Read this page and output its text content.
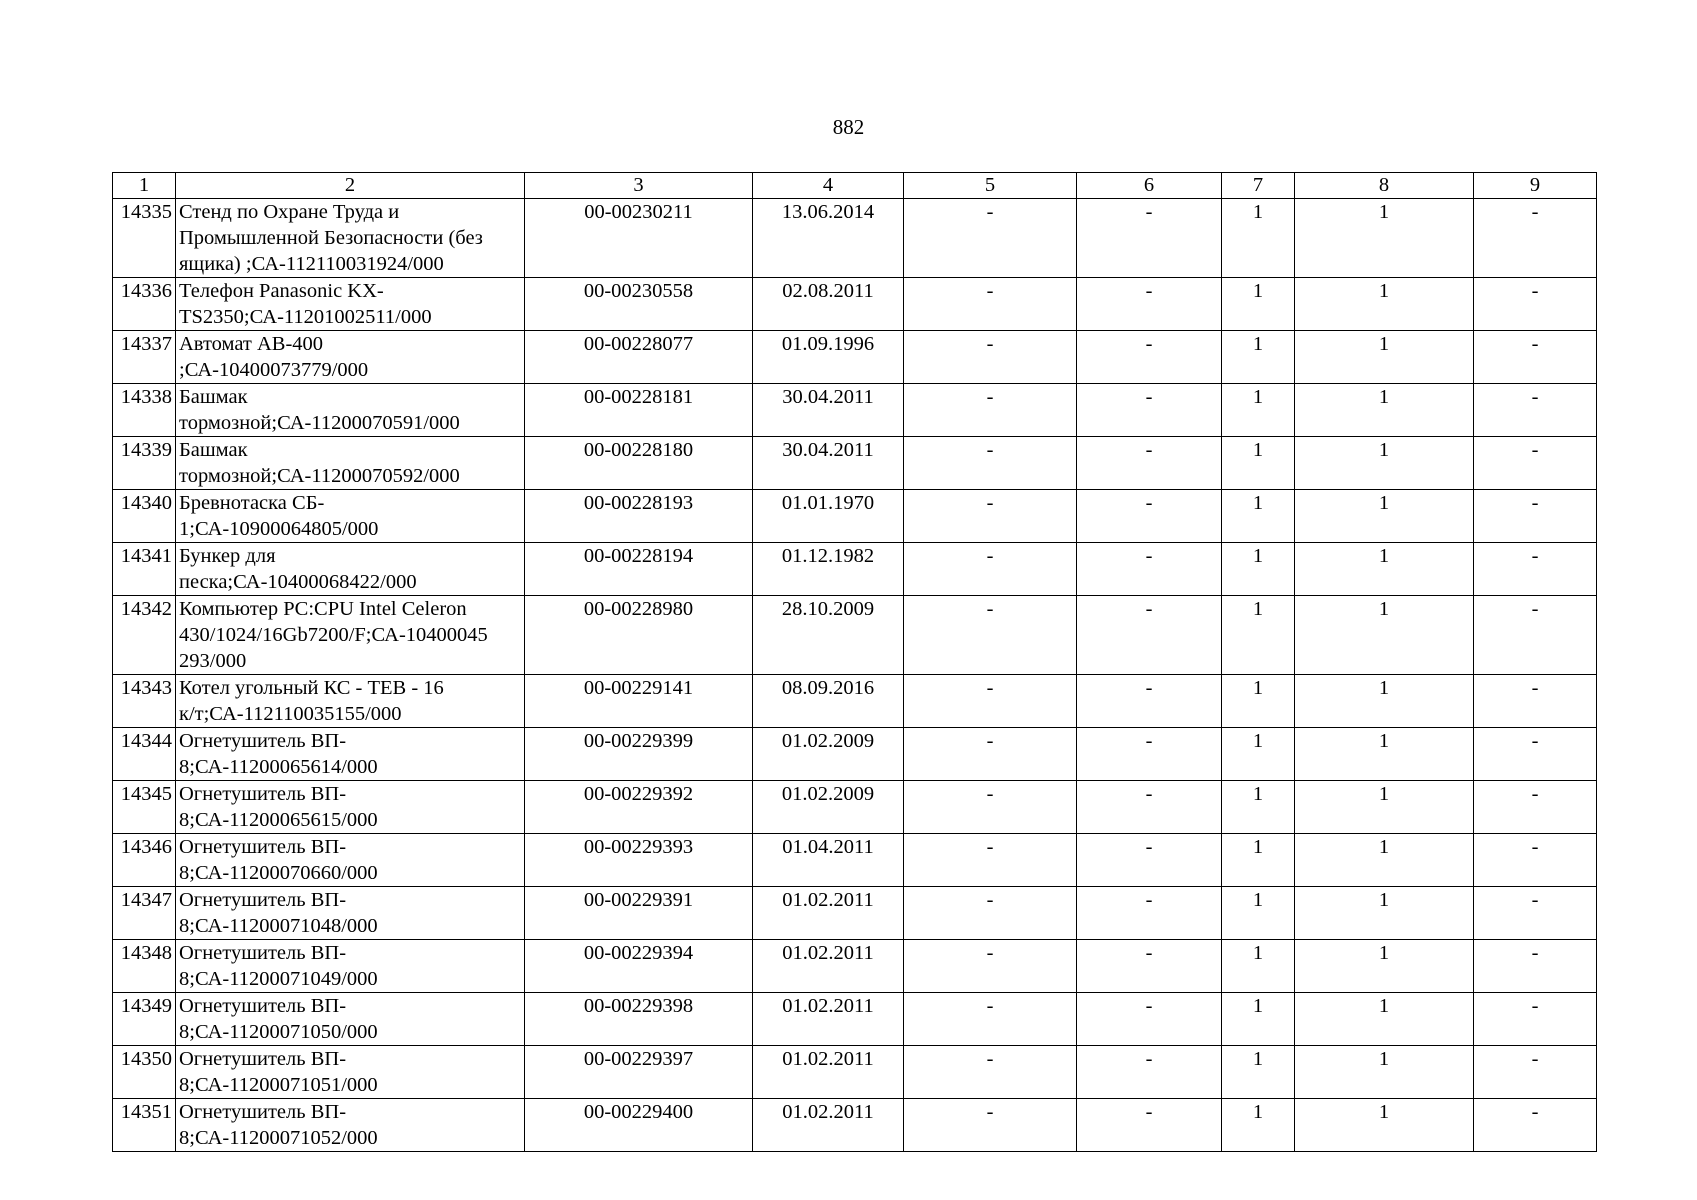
882
1	2	3	4	5	6	7	8	9
14335	Стенд по Охране Труда и
Промышленной Безопасности (без
ящика) ;СА-112110031924/000	00-00230211	13.06.2014	-	-	1	1	-
14336	Телефон Panasonic KX-
TS2350;СА-11201002511/000	00-00230558	02.08.2011	-	-	1	1	-
14337	Автомат АВ-400
;СА-10400073779/000	00-00228077	01.09.1996	-	-	1	1	-
14338	Башмак
тормозной;СА-11200070591/000	00-00228181	30.04.2011	-	-	1	1	-
14339	Башмак
тормозной;СА-11200070592/000	00-00228180	30.04.2011	-	-	1	1	-
14340	Бревнотаска СБ-
1;СА-10900064805/000	00-00228193	01.01.1970	-	-	1	1	-
14341	Бункер для
песка;СА-10400068422/000	00-00228194	01.12.1982	-	-	1	1	-
14342	Компьютер PC:CPU Intel Celeron
430/1024/16Gb7200/F;СА-10400045
293/000	00-00228980	28.10.2009	-	-	1	1	-
14343	Котел угольный КС - ТЕВ - 16
к/т;СА-112110035155/000	00-00229141	08.09.2016	-	-	1	1	-
14344	Огнетушитель ВП-
8;СА-11200065614/000	00-00229399	01.02.2009	-	-	1	1	-
14345	Огнетушитель ВП-
8;СА-11200065615/000	00-00229392	01.02.2009	-	-	1	1	-
14346	Огнетушитель ВП-
8;СА-11200070660/000	00-00229393	01.04.2011	-	-	1	1	-
14347	Огнетушитель ВП-
8;СА-11200071048/000	00-00229391	01.02.2011	-	-	1	1	-
14348	Огнетушитель ВП-
8;СА-11200071049/000	00-00229394	01.02.2011	-	-	1	1	-
14349	Огнетушитель ВП-
8;СА-11200071050/000	00-00229398	01.02.2011	-	-	1	1	-
14350	Огнетушитель ВП-
8;СА-11200071051/000	00-00229397	01.02.2011	-	-	1	1	-
14351	Огнетушитель ВП-
8;СА-11200071052/000	00-00229400	01.02.2011	-	-	1	1	-
